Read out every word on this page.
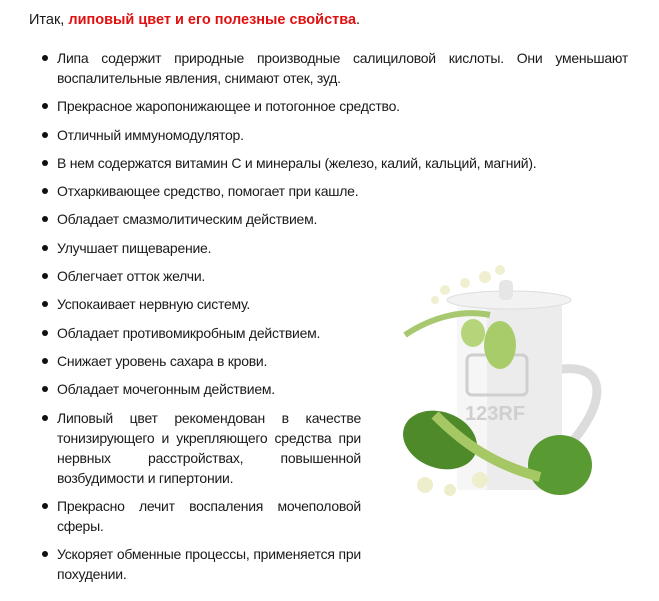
Итак, липовый цвет и его полезные свойства.
Липа содержит природные производные салициловой кислоты. Они уменьшают воспалительные явления, снимают отек, зуд.
Прекрасное жаропонижающее и потогонное средство.
Отличный иммуномодулятор.
В нем содержатся витамин С и минералы (железо, калий, кальций, магний).
Отхаркивающее средство, помогает при кашле.
Обладает смазмолитическим действием.
Улучшает пищеварение.
Облегчает отток желчи.
Успокаивает нервную систему.
Обладает противомикробным действием.
Снижает уровень сахара в крови.
Обладает мочегонным действием.
Липовый цвет рекомендован в качестве тонизирующего и укрепляющего средства при нервных расстройствах, повышенной возбудимости и гипертонии.
Прекрасно лечит воспаления мочеполовой сферы.
Ускоряет обменные процессы, применяется при похудении.
123RF
